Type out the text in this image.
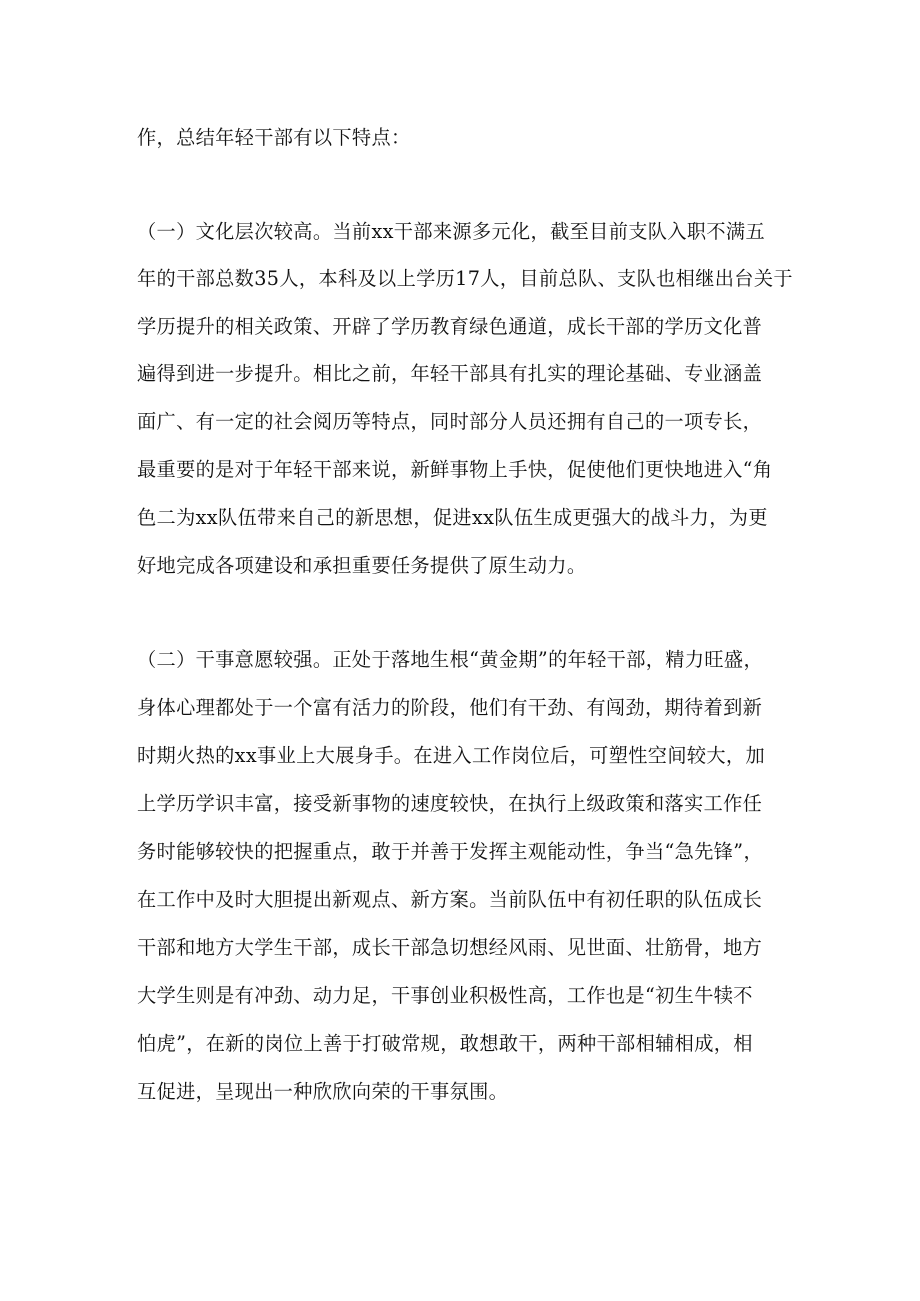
作，总结年轻干部有以下特点：
（一）文化层次较高。当前xx干部来源多元化，截至目前支队入职不满五
年的干部总数35人，本科及以上学历17人，目前总队、支队也相继出台关于
学历提升的相关政策、开辟了学历教育绿色通道，成长干部的学历文化普
遍得到进一步提升。相比之前，年轻干部具有扎实的理论基础、专业涵盖
面广、有一定的社会阅历等特点，同时部分人员还拥有自己的一项专长，
最重要的是对于年轻干部来说，新鲜事物上手快，促使他们更快地进入“角
色二为xx队伍带来自己的新思想，促进xx队伍生成更强大的战斗力，为更
好地完成各项建设和承担重要任务提供了原生动力。
（二）干事意愿较强。正处于落地生根“黄金期”的年轻干部，精力旺盛，
身体心理都处于一个富有活力的阶段，他们有干劲、有闯劲，期待着到新
时期火热的xx事业上大展身手。在进入工作岗位后，可塑性空间较大，加
上学历学识丰富，接受新事物的速度较快，在执行上级政策和落实工作任
务时能够较快的把握重点，敢于并善于发挥主观能动性，争当“急先锋”，
在工作中及时大胆提出新观点、新方案。当前队伍中有初任职的队伍成长
干部和地方大学生干部，成长干部急切想经风雨、见世面、壮筋骨，地方
大学生则是有冲劲、动力足，干事创业积极性高，工作也是“初生牛犊不
怕虎”，在新的岗位上善于打破常规，敢想敢干，两种干部相辅相成，相
互促进，呈现出一种欣欣向荣的干事氛围。
